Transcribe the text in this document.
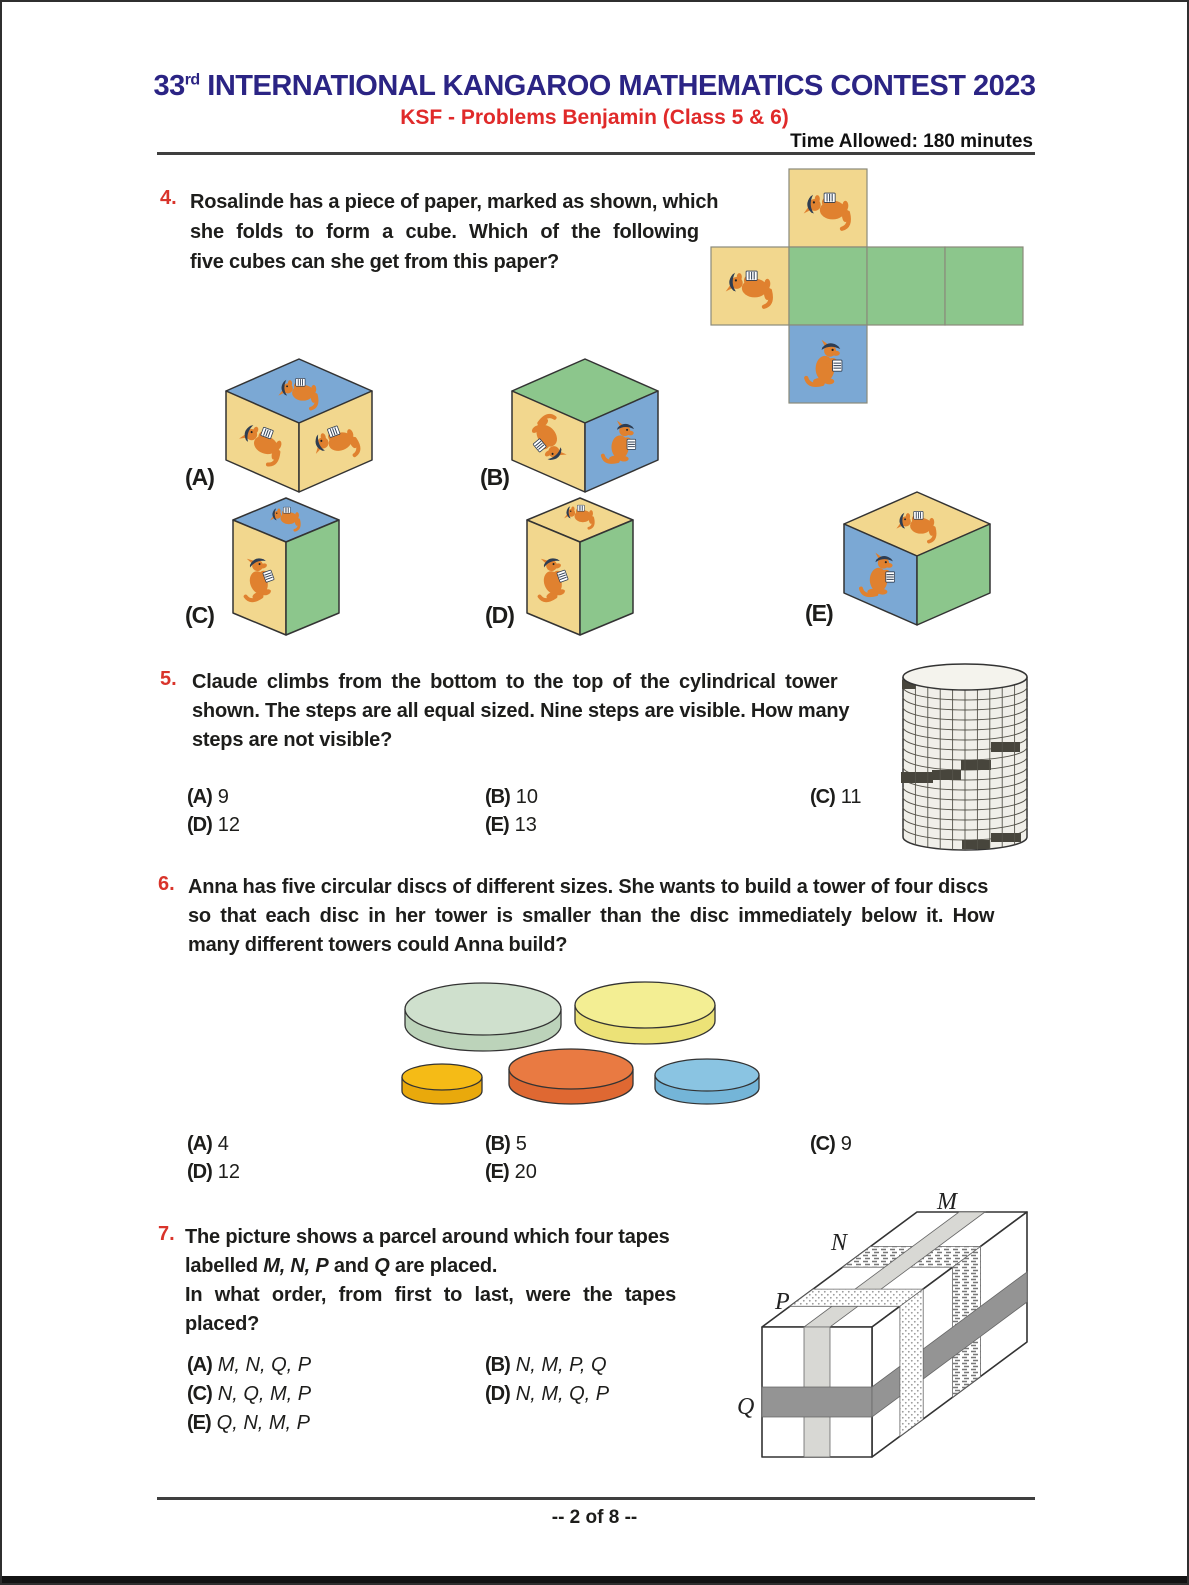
33rd INTERNATIONAL KANGAROO MATHEMATICS CONTEST 2023
KSF - Problems Benjamin (Class 5 & 6)
Time Allowed: 180 minutes
4. Rosalinde has a piece of paper, marked as shown, which
she folds to form a cube. Which of the following
five cubes can she get from this paper?
(A)	(B)
(C)	(D)	(E)
5. Claude climbs from the bottom to the top of the cylindrical tower
shown. The steps are all equal sized. Nine steps are visible. How many
steps are not visible?
(A) 9	(B) 10	(C) 11
(D) 12	(E) 13
6. Anna has five circular discs of different sizes. She wants to build a tower of four discs
so that each disc in her tower is smaller than the disc immediately below it. How
many different towers could Anna build?
(A) 4	(B) 5	(C) 9
(D) 12	(E) 20
7. The picture shows a parcel around which four tapes
labelled M, N, P and Q are placed.
In what order, from first to last, were the tapes
placed?
M
N
P
Q
(A) M, N, Q, P	(B) N, M, P, Q
(C) N, Q, M, P	(D) N, M, Q, P
(E) Q, N, M, P
-- 2 of 8 --
